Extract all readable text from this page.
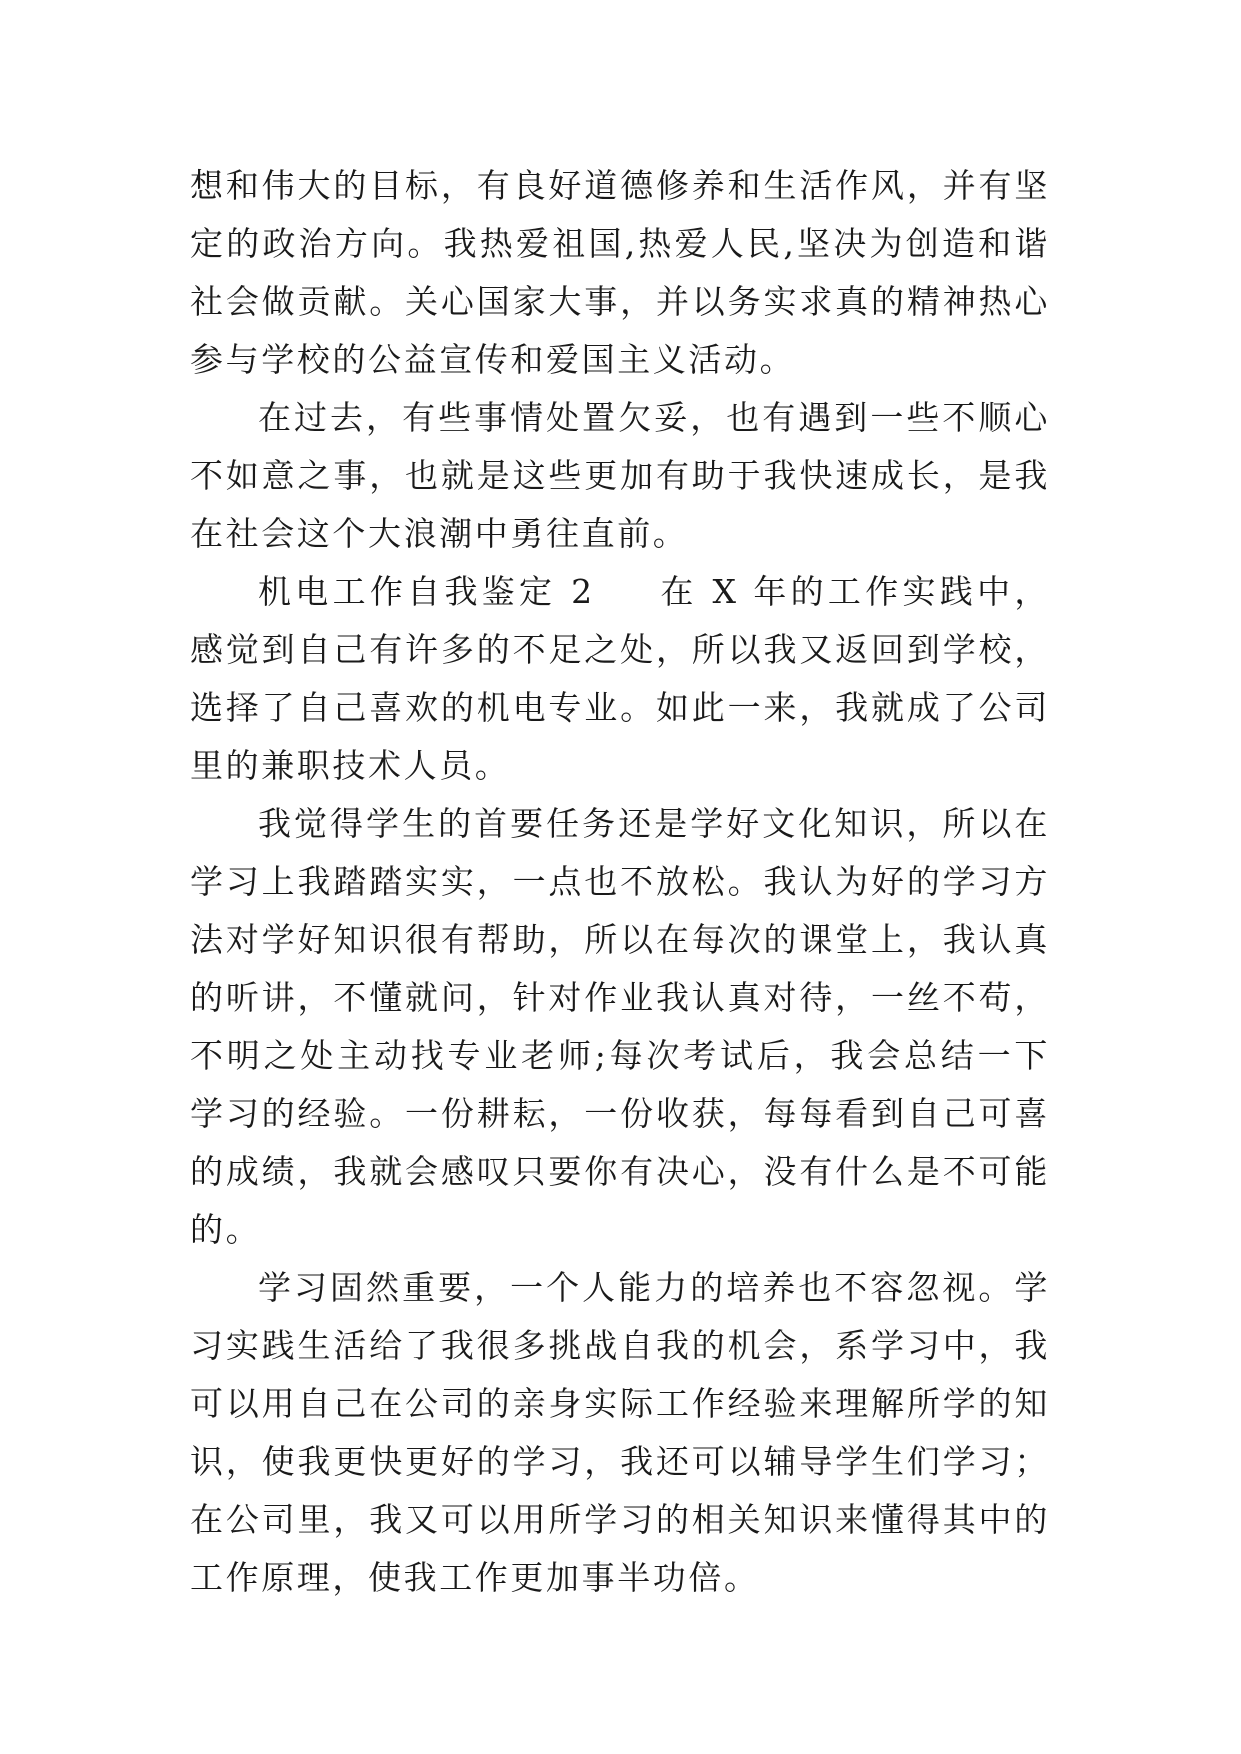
想和伟大的目标，有良好道德修养和生活作风，并有坚定的政治方向。我热爱祖国,热爱人民,坚决为创造和谐社会做贡献。关心国家大事，并以务实求真的精神热心参与学校的公益宣传和爱国主义活动。

在过去，有些事情处置欠妥，也有遇到一些不顺心不如意之事，也就是这些更加有助于我快速成长，是我在社会这个大浪潮中勇往直前。

机电工作自我鉴定 2 在 X 年的工作实践中，感觉到自己有许多的不足之处，所以我又返回到学校，选择了自己喜欢的机电专业。如此一来，我就成了公司里的兼职技术人员。

我觉得学生的首要任务还是学好文化知识，所以在学习上我踏踏实实，一点也不放松。我认为好的学习方法对学好知识很有帮助，所以在每次的课堂上，我认真的听讲，不懂就问，针对作业我认真对待，一丝不苟，不明之处主动找专业老师;每次考试后，我会总结一下学习的经验。一份耕耘，一份收获，每每看到自己可喜的成绩，我就会感叹只要你有决心，没有什么是不可能的。

学习固然重要，一个人能力的培养也不容忽视。学习实践生活给了我很多挑战自我的机会，系学习中，我可以用自己在公司的亲身实际工作经验来理解所学的知识，使我更快更好的学习，我还可以辅导学生们学习；在公司里，我又可以用所学习的相关知识来懂得其中的工作原理，使我工作更加事半功倍。
